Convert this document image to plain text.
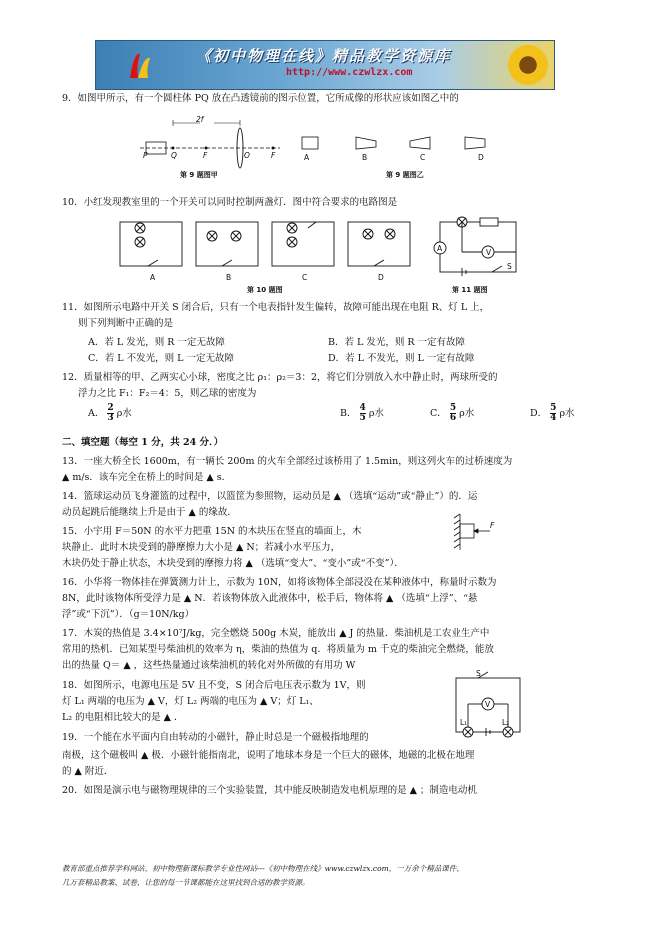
《初中物理在线》精品教学资源库
http://www.czwlzx.com
9．如图甲所示，有一个圆柱体 PQ 放在凸透镜前的图示位置，它所成像的形状应该如图乙中的
2f
P	Q	F	O	F
第 9 题图甲
A	B	C	D
第 9 题图乙
10．小红发现教室里的一个开关可以同时控制两盏灯．图中符合要求的电路图是
A	B	C	D
第 10 题图
A	V
S
第 11 题图
11．如图所示电路中开关 S 闭合后，只有一个电表指针发生偏转，故障可能出现在电阻 R、灯 L 上，
则下列判断中正确的是
A．若 L 发光，则 R 一定无故障	B．若 L 发光，则 R 一定有故障
C．若 L 不发光，则 L 一定无故障	D．若 L 不发光，则 L 一定有故障
12．质量相等的甲、乙两实心小球，密度之比 ρ₁：ρ₂＝3：2，将它们分别放入水中静止时，两球所受的
浮力之比 F₁：F₂＝4：5，则乙球的密度为
A． $\frac{2}{3}$ ρ水	B． $\frac{4}{5}$ ρ水	C． $\frac{5}{6}$ ρ水	D． $\frac{5}{4}$ ρ水
二、填空题（每空 1 分，共 24 分．）
13．一座大桥全长 1600m，有一辆长 200m 的火车全部经过该桥用了 1.5min，则这列火车的过桥速度为
▲ m/s．该车完全在桥上的时间是 ▲ s．
14．篮球运动员飞身灌篮的过程中，以篮筐为参照物，运动员是 ▲ （选填“运动”或“静止”）的．运
动员起跳后能继续上升是由于 ▲ 的缘故．
15．小宇用 F＝50N 的水平力把重 15N 的木块压在竖直的墙面上，木
块静止．此时木块受到的静摩擦力大小是 ▲ N；若减小水平压力，
木块仍处于静止状态，木块受到的摩擦力将 ▲ （选填“变大”、“变小”或“不变”）．
F
16．小华将一物体挂在弹簧测力计上，示数为 10N，如将该物体全部浸没在某种液体中，称量时示数为
8N，此时该物体所受浮力是 ▲ N．若该物体放入此液体中，松手后，物体将 ▲ （选填“上浮”、“悬
浮”或“下沉”）．（g＝10N/kg）
17．木炭的热值是 3.4×10⁷J/kg，完全燃烧 500g 木炭，能放出 ▲ J 的热量．柴油机是工农业生产中
常用的热机．已知某型号柴油机的效率为 η，柴油的热值为 q．将质量为 m 千克的柴油完全燃烧，能放
出的热量 Q＝ ▲ ，这些热量通过该柴油机的转化对外所做的有用功 W
18．如图所示，电源电压是 5V 且不变，S 闭合后电压表示数为 1V，则
灯 L₁ 两端的电压为 ▲ V，灯 L₂ 两端的电压为 ▲ V；灯 L₁、
L₂ 的电阻相比较大的是 ▲ ．
S
V
L₁	L₂
19．一个能在水平面内自由转动的小磁针，静止时总是一个磁极指地理的
南极，这个磁极叫 ▲ 极．小磁针能指南北，说明了地球本身是一个巨大的磁体，地磁的北极在地理
的 ▲ 附近．
20．如图是演示电与磁物理规律的三个实验装置，其中能反映制造发电机原理的是 ▲ ；制造电动机
教育部重点推荐学科网站、初中物理新课标教学专业性网站---《初中物理在线》www.czwlzx.com，一万余个精品课件、
几万套精品教案、试卷，让您的每一节课都能在这里找到合适的教学资源。
